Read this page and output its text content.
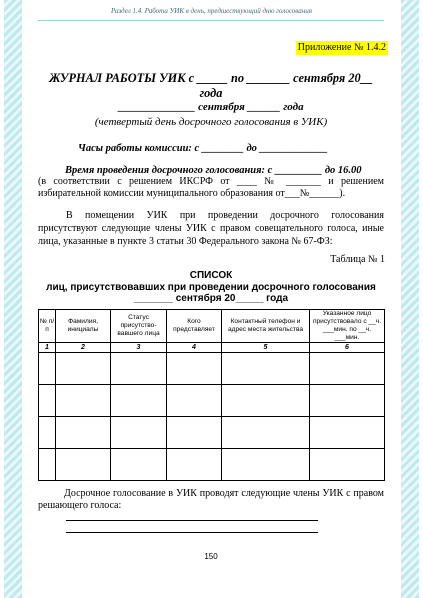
Раздел 1.4. Работа УИК в день, предшествующий дню голосования
Приложение № 1.4.2
ЖУРНАЛ РАБОТЫ УИК с _____ по _______ сентября 20__ года
______________ сентября ______ года
(четвертый день досрочного голосования в УИК)
Часы работы комиссии: с ________ до _____________
Время проведения досрочного голосования: с _________ до 16.00
(в соответствии с решением ИКСРФ от ____ № _______ и решением
избирательной комиссии муниципального образования от___№______).
В помещении УИК при проведении досрочного голосования присутствуют следующие члены УИК с правом совещательного голоса, иные лица, указанные в пункте 3 статьи 30 Федерального закона № 67-ФЗ:
Таблица № 1
СПИСОК
лиц, присутствовавших при проведении досрочного голосования
_______ сентября 20_____ года
№ п/п	Фамилия, инициалы	Статус присутство-вавшего лица	Кого представляет	Контактный телефон и адрес места жительства	Указанное лицо присутствовало с __ч. ___мин. по __ч. ___мин.
1	2	3	4	5	6

Досрочное голосование в УИК проводят следующие члены УИК с правом решающего голоса:
150
